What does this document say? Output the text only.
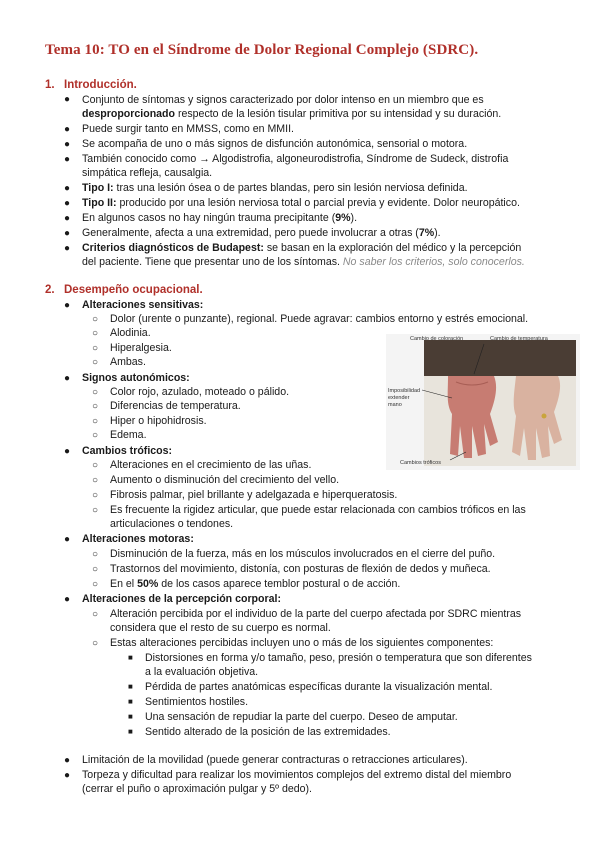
Tema 10: TO en el Síndrome de Dolor Regional Complejo (SDRC).
1. Introducción.
● Conjunto de síntomas y signos caracterizado por dolor intenso en un miembro que es
desproporcionado respecto de la lesión tisular primitiva por su intensidad y su duración.
● Puede surgir tanto en MMSS, como en MMII.
● Se acompaña de uno o más signos de disfunción autonómica, sensorial o motora.
● También conocido como → Algodistrofia, algoneurodistrofia, Síndrome de Sudeck, distrofia
simpática refleja, causalgia.
● Tipo I: tras una lesión ósea o de partes blandas, pero sin lesión nerviosa definida.
● Tipo II: producido por una lesión nerviosa total o parcial previa y evidente. Dolor neuropático.
● En algunos casos no hay ningún trauma precipitante (9%).
● Generalmente, afecta a una extremidad, pero puede involucrar a otras (7%).
● Criterios diagnósticos de Budapest: se basan en la exploración del médico y la percepción
del paciente. Tiene que presentar uno de los síntomas. No saber los criterios, solo conocerlos.
2. Desempeño ocupacional.
● Alteraciones sensitivas:
○ Dolor (urente o punzante), regional. Puede agravar: cambios entorno y estrés emocional.
○ Alodinia.
○ Hiperalgesia.
○ Ambas.
● Signos autonómicos:
○ Color rojo, azulado, moteado o pálido.
○ Diferencias de temperatura.
○ Hiper o hipohidrosis.
○ Edema.
● Cambios tróficos:
○ Alteraciones en el crecimiento de las uñas.
○ Aumento o disminución del crecimiento del vello.
○ Fibrosis palmar, piel brillante y adelgazada e hiperqueratosis.
○ Es frecuente la rigidez articular, que puede estar relacionada con cambios tróficos en las
articulaciones o tendones.
● Alteraciones motoras:
○ Disminución de la fuerza, más en los músculos involucrados en el cierre del puño.
○ Trastornos del movimiento, distonía, con posturas de flexión de dedos y muñeca.
○ En el 50% de los casos aparece temblor postural o de acción.
● Alteraciones de la percepción corporal:
○ Alteración percibida por el individuo de la parte del cuerpo afectada por SDRC mientras
considera que el resto de su cuerpo es normal.
○ Estas alteraciones percibidas incluyen uno o más de los siguientes componentes:
■ Distorsiones en forma y/o tamaño, peso, presión o temperatura que son diferentes
a la evaluación objetiva.
■ Pérdida de partes anatómicas específicas durante la visualización mental.
■ Sentimientos hostiles.
■ Una sensación de repudiar la parte del cuerpo. Deseo de amputar.
■ Sentido alterado de la posición de las extremidades.
● Limitación de la movilidad (puede generar contracturas o retracciones articulares).
● Torpeza y dificultad para realizar los movimientos complejos del extremo distal del miembro
(cerrar el puño o aproximación pulgar y 5º dedo).
Cambio de coloración	Cambio de temperatura
Imposibilidad
extender
mano
Cambios tróficos
